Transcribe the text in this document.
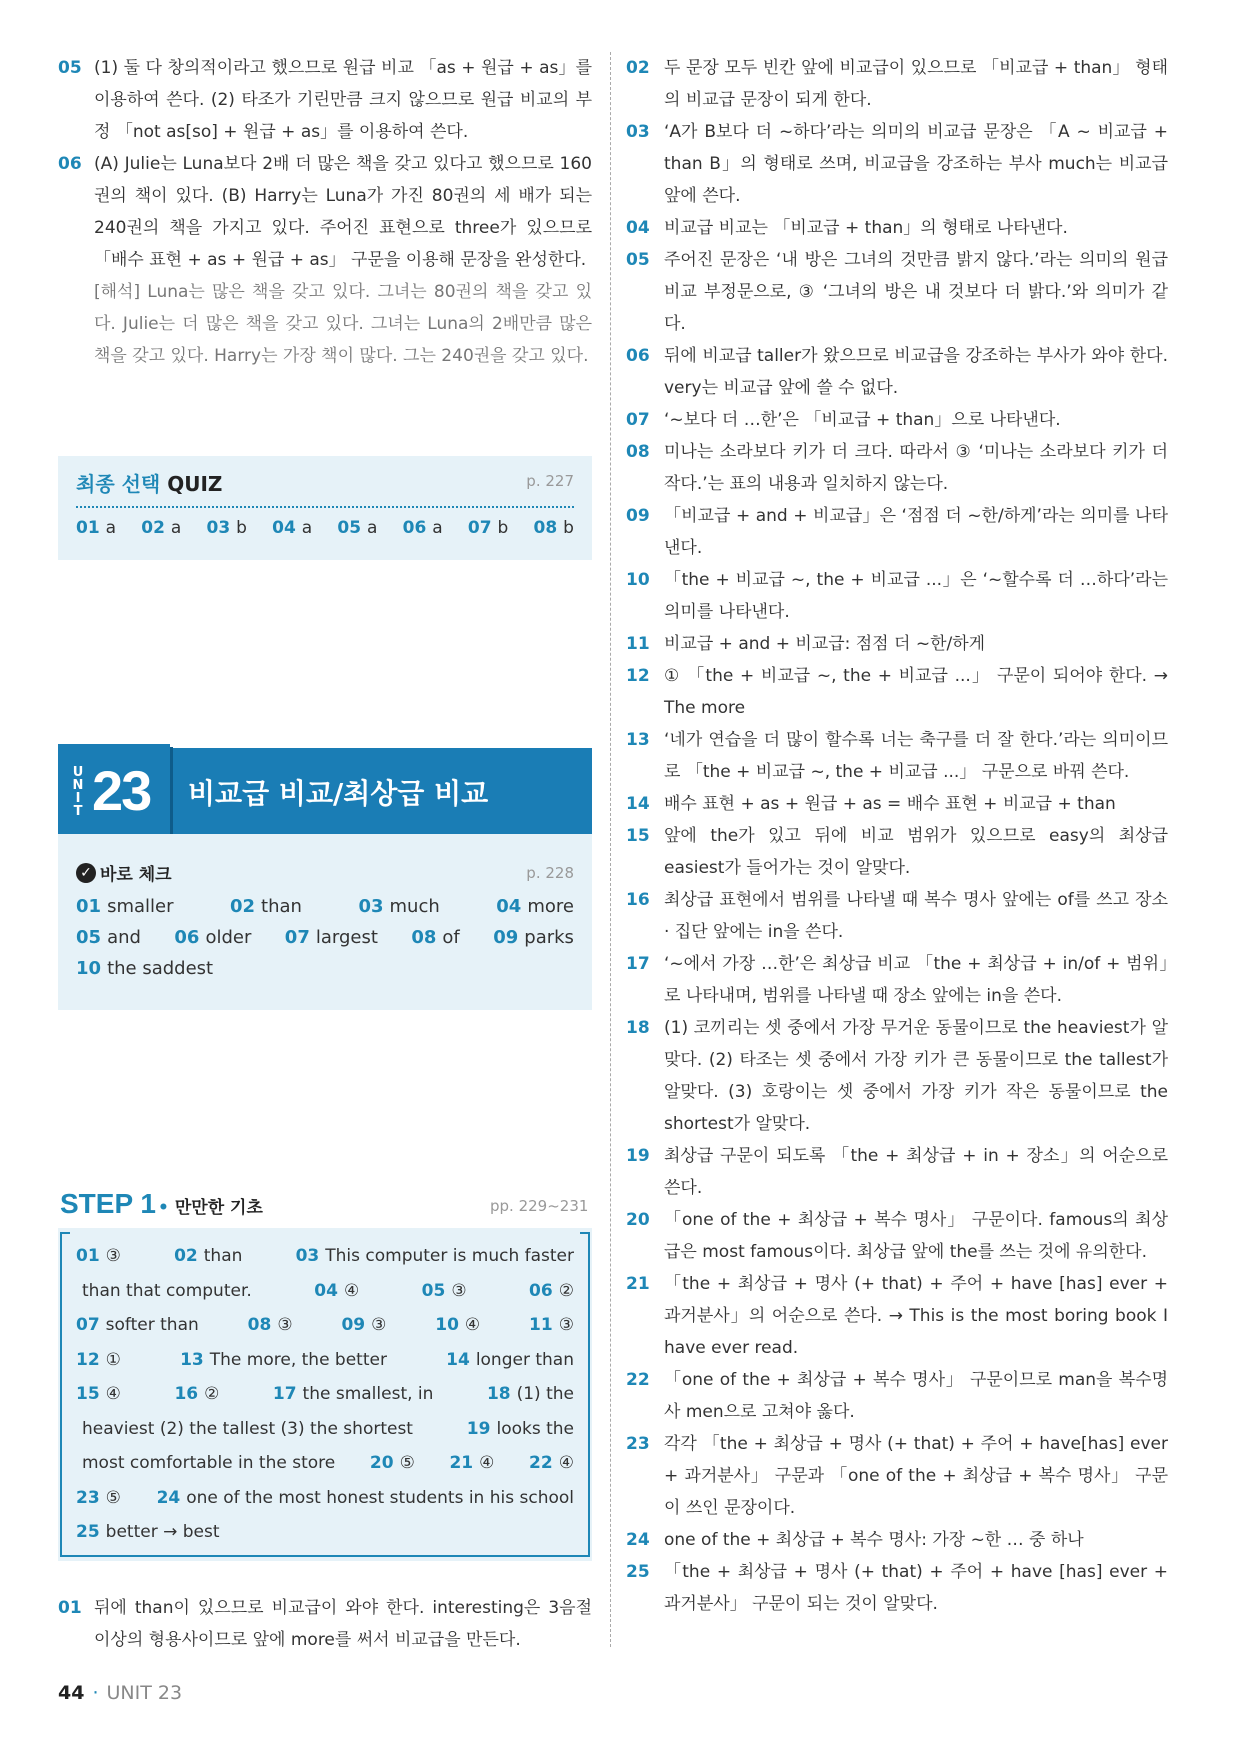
05 (1) 둘 다 창의적이라고 했으므로 원급 비교 「as + 원급 + as」를 이용하여 쓴다. (2) 타조가 기린만큼 크지 않으므로 원급 비교의 부정 「not as[so] + 원급 + as」를 이용하여 쓴다.
06 (A) Julie는 Luna보다 2배 더 많은 책을 갖고 있다고 했으므로 160권의 책이 있다. (B) Harry는 Luna가 가진 80권의 세 배가 되는 240권의 책을 가지고 있다. 주어진 표현으로 three가 있으므로 「배수 표현 + as + 원급 + as」 구문을 이용해 문장을 완성한다.
[해석] Luna는 많은 책을 갖고 있다. 그녀는 80권의 책을 갖고 있다. Julie는 더 많은 책을 갖고 있다. 그녀는 Luna의 2배만큼 많은 책을 갖고 있다. Harry는 가장 책이 많다. 그는 240권을 갖고 있다.
최종 선택 QUIZ	p. 227
01 a 02 a 03 b 04 a 05 a 06 a 07 b 08 b
U
N
I
T 23 비교급 비교/최상급 비교
✓ 바로 체크	p. 228
01 smaller	02 than	03 much	04 more
05 and 06 older 07 largest 08 of 09 parks
10 the saddest
STEP 1 • 만만한 기초	pp. 229~231
01 ③	02 than	03 This computer is much faster
than that computer.	04 ④	05 ③	06 ②
07 softer than	08 ③	09 ③	10 ④	11 ③
12 ①	13 The more, the better	14 longer than
15 ④	16 ②	17 the smallest, in	18 (1) the
heaviest (2) the tallest (3) the shortest	19 looks the
most comfortable in the store 20 ⑤ 21 ④ 22 ④
23 ⑤ 24 one of the most honest students in his school
25 better → best
01 뒤에 than이 있으므로 비교급이 와야 한다. interesting은 3음절 이상의 형용사이므로 앞에 more를 써서 비교급을 만든다.
02 두 문장 모두 빈칸 앞에 비교급이 있으므로 「비교급 + than」 형태의 비교급 문장이 되게 한다.
03 ‘A가 B보다 더 ~하다’라는 의미의 비교급 문장은 「A ~ 비교급 + than B」의 형태로 쓰며, 비교급을 강조하는 부사 much는 비교급 앞에 쓴다.
04 비교급 비교는 「비교급 + than」의 형태로 나타낸다.
05 주어진 문장은 ‘내 방은 그녀의 것만큼 밝지 않다.’라는 의미의 원급 비교 부정문으로, ③ ‘그녀의 방은 내 것보다 더 밝다.’와 의미가 같다.
06 뒤에 비교급 taller가 왔으므로 비교급을 강조하는 부사가 와야 한다. very는 비교급 앞에 쓸 수 없다.
07 ‘~보다 더 …한’은 「비교급 + than」으로 나타낸다.
08 미나는 소라보다 키가 더 크다. 따라서 ③ ‘미나는 소라보다 키가 더 작다.’는 표의 내용과 일치하지 않는다.
09 「비교급 + and + 비교급」은 ‘점점 더 ~한/하게’라는 의미를 나타낸다.
10 「the + 비교급 ~, the + 비교급 ...」은 ‘~할수록 더 …하다’라는 의미를 나타낸다.
11 비교급 + and + 비교급: 점점 더 ~한/하게
12 ① 「the + 비교급 ~, the + 비교급 ...」 구문이 되어야 한다. → The more
13 ‘네가 연습을 더 많이 할수록 너는 축구를 더 잘 한다.’라는 의미이므로 「the + 비교급 ~, the + 비교급 ...」 구문으로 바꿔 쓴다.
14 배수 표현 + as + 원급 + as = 배수 표현 + 비교급 + than
15 앞에 the가 있고 뒤에 비교 범위가 있으므로 easy의 최상급 easiest가 들어가는 것이 알맞다.
16 최상급 표현에서 범위를 나타낼 때 복수 명사 앞에는 of를 쓰고 장소 · 집단 앞에는 in을 쓴다.
17 ‘~에서 가장 …한’은 최상급 비교 「the + 최상급 + in/of + 범위」로 나타내며, 범위를 나타낼 때 장소 앞에는 in을 쓴다.
18 (1) 코끼리는 셋 중에서 가장 무거운 동물이므로 the heaviest가 알맞다. (2) 타조는 셋 중에서 가장 키가 큰 동물이므로 the tallest가 알맞다. (3) 호랑이는 셋 중에서 가장 키가 작은 동물이므로 the shortest가 알맞다.
19 최상급 구문이 되도록 「the + 최상급 + in + 장소」의 어순으로 쓴다.
20 「one of the + 최상급 + 복수 명사」 구문이다. famous의 최상급은 most famous이다. 최상급 앞에 the를 쓰는 것에 유의한다.
21 「the + 최상급 + 명사 (+ that) + 주어 + have [has] ever + 과거분사」의 어순으로 쓴다. → This is the most boring book I have ever read.
22 「one of the + 최상급 + 복수 명사」 구문이므로 man을 복수명사 men으로 고쳐야 옳다.
23 각각 「the + 최상급 + 명사 (+ that) + 주어 + have[has] ever + 과거분사」 구문과 「one of the + 최상급 + 복수 명사」 구문이 쓰인 문장이다.
24 one of the + 최상급 + 복수 명사: 가장 ~한 … 중 하나
25 「the + 최상급 + 명사 (+ that) + 주어 + have [has] ever + 과거분사」 구문이 되는 것이 알맞다.
44 · UNIT 23
